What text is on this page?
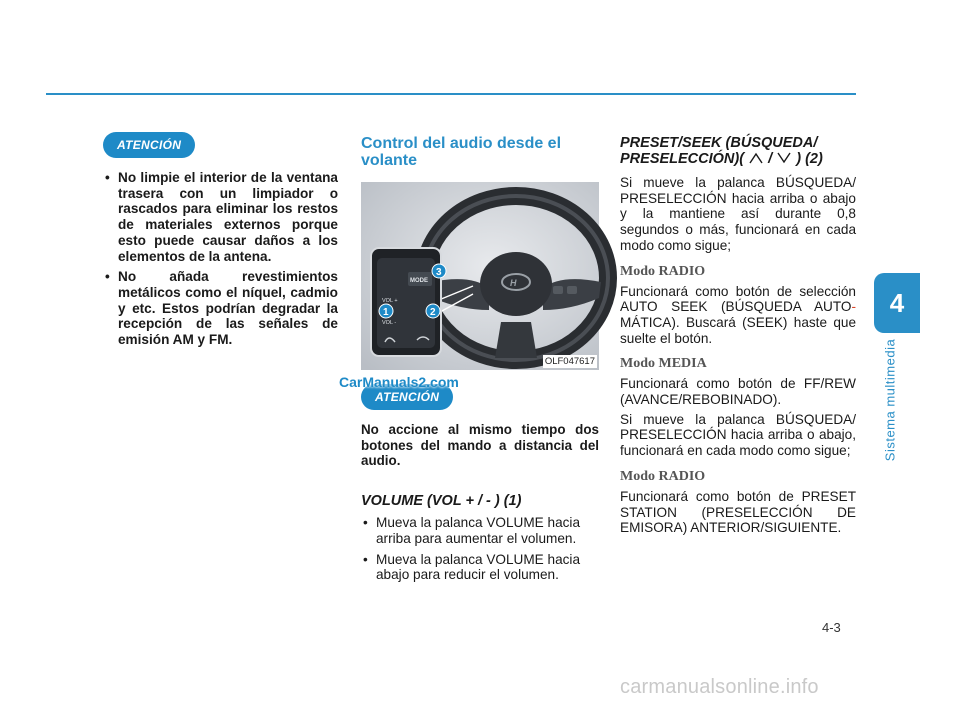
4
Sistema multimedia
ATENCIÓN
• No limpie el interior de la ventana trasera con un limpiador o rascados para eliminar los restos de materiales externos porque esto puede causar daños a los elementos de la antena.
• No añada revestimientos metálicos como el níquel, cadmio y etc. Estos podrían degradar la recepción de las señales de emisión AM y FM.
Control del audio desde el volante
H
MODE
VOL +
VOL -
1	2
3
OLF047617
CarManuals2.com
ATENCIÓN
No accione al mismo tiempo dos botones del mando a distancia del audio.
VOLUME (VOL + / - ) (1)
• Mueva la palanca VOLUME hacia arriba para aumentar el volumen.
• Mueva la palanca VOLUME hacia abajo para reducir el volumen.
PRESET/SEEK (BÚSQUEDA/
PRESELECCIÓN)( / ) (2)
Si mueve la palanca BÚSQUEDA/ PRESELECCIÓN hacia arriba o abajo y la mantiene así durante 0,8 segundos o más, funcionará en cada modo como sigue;
Modo RADIO
Funcionará como botón de selección AUTO SEEK (BÚSQUEDA AUTO- MÁTICA). Buscará (SEEK) haste que suelte el botón.
Modo MEDIA
Funcionará como botón de FF/REW (AVANCE/REBOBINADO).
Si mueve la palanca BÚSQUEDA/ PRESELECCIÓN hacia arriba o abajo, funcionará en cada modo como sigue;
Modo RADIO
Funcionará como botón de PRESET STATION (PRESELECCIÓN DE EMISORA) ANTERIOR/SIGUIENTE.
4-3
carmanualsonline.info
